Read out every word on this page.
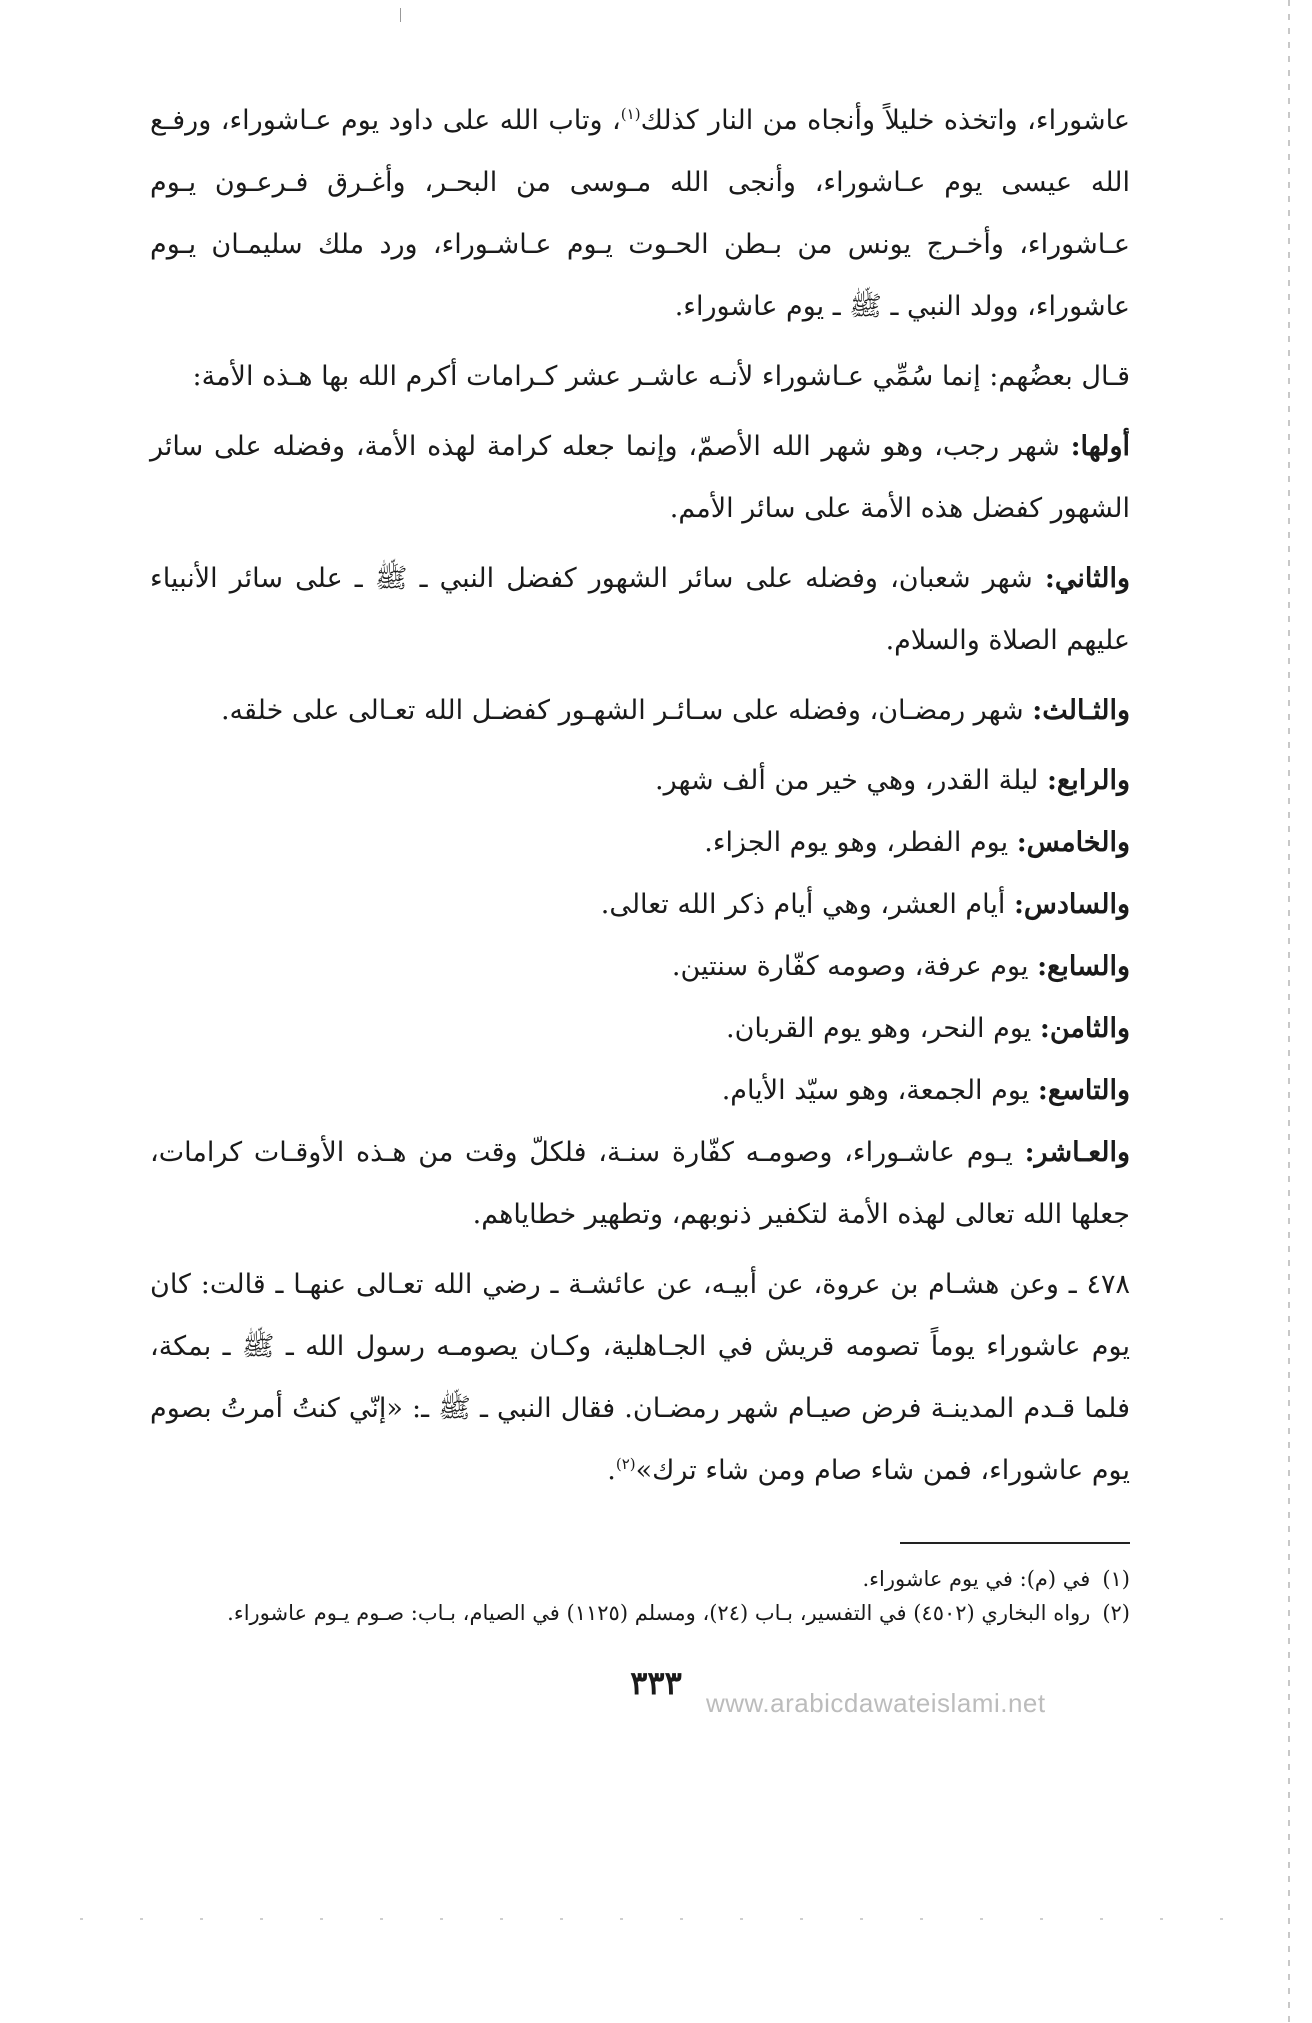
عاشوراء، واتخذه خليلاً وأنجاه من النار كذلك$^{(١)}$، وتاب الله على داود يوم عـاشوراء، ورفـع الله عيسى يوم عـاشوراء، وأنجى الله مـوسى من البحـر، وأغـرق فـرعـون يـوم عـاشوراء، وأخـرج يونس من بـطن الحـوت يـوم عـاشـوراء، ورد ملك سليمـان يـوم عاشوراء، وولد النبي ـ ﷺ ـ يوم عاشوراء.

قـال بعضُهم: إنما سُمِّي عـاشوراء لأنـه عاشـر عشر كـرامات أكرم الله بها هـذه الأمة:

أولها: شهر رجب، وهو شهر الله الأصمّ، وإنما جعله كرامة لهذه الأمة، وفضله على سائر الشهور كفضل هذه الأمة على سائر الأمم.

والثاني: شهر شعبان، وفضله على سائر الشهور كفضل النبي ـ ﷺ ـ على سائر الأنبياء عليهم الصلاة والسلام.

والثـالث: شهر رمضـان، وفضله على سـائـر الشهـور كفضـل الله تعـالى على خلقه.

والرابع: ليلة القدر، وهي خير من ألف شهر.

والخامس: يوم الفطر، وهو يوم الجزاء.

والسادس: أيام العشر، وهي أيام ذكر الله تعالى.

والسابع: يوم عرفة، وصومه كفّارة سنتين.

والثامن: يوم النحر، وهو يوم القربان.

والتاسع: يوم الجمعة، وهو سيّد الأيام.

والعـاشر: يـوم عاشـوراء، وصومـه كفّارة سنـة، فلكلّ وقت من هـذه الأوقـات كرامات، جعلها الله تعالى لهذه الأمة لتكفير ذنوبهم، وتطهير خطاياهم.

٤٧٨ ـ وعن هشـام بن عروة، عن أبيـه، عن عائشـة ـ رضي الله تعـالى عنهـا ـ قالت: كان يوم عاشوراء يوماً تصومه قريش في الجـاهلية، وكـان يصومـه رسول الله ـ ﷺ ـ بمكة، فلما قـدم المدينـة فرض صيـام شهر رمضـان. فقال النبي ـ ﷺ ـ: «إنّي كنتُ أمرتُ بصوم يوم عاشوراء، فمن شاء صام ومن شاء ترك»$^{(٢)}$.

(١)في (م): في يوم عاشوراء.

(٢)رواه البخاري (٤٥٠٢) في التفسير، بـاب (٢٤)، ومسلم (١١٢٥) في الصيام، بـاب: صـوم يـوم عاشوراء.

٣٣٣
www.arabicdawateislami.net
